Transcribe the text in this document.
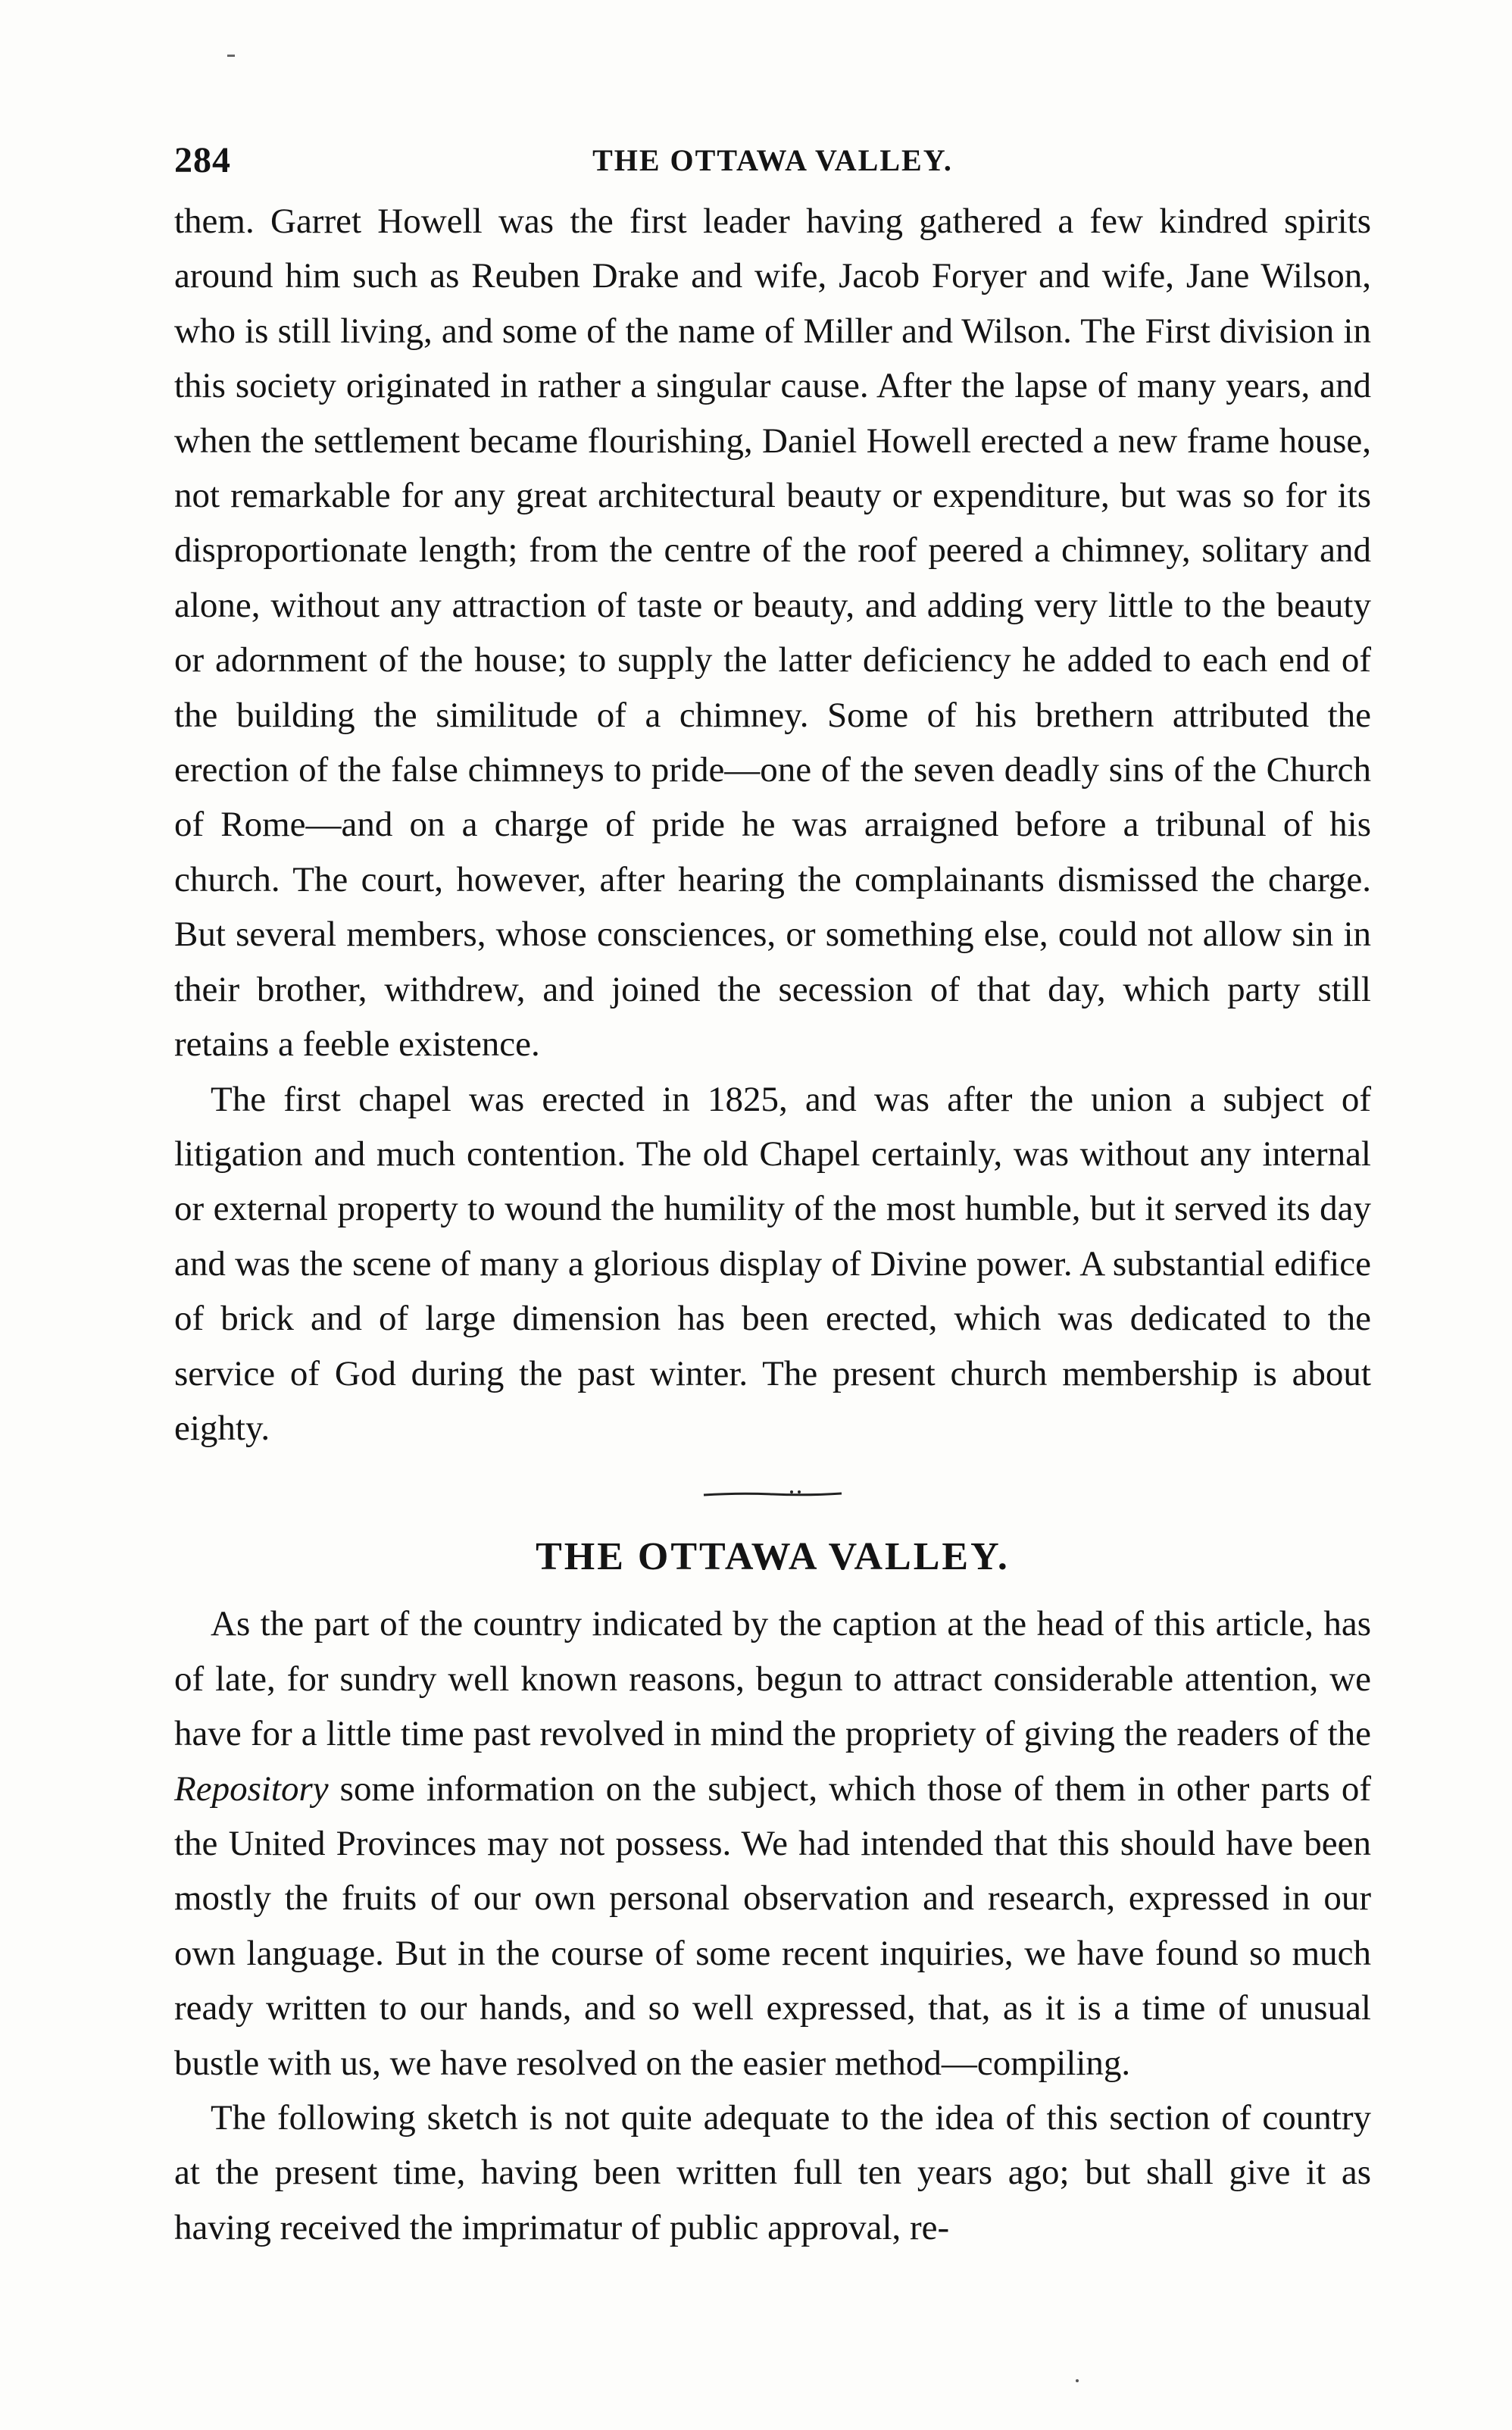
284	THE OTTAWA VALLEY.

them. Garret Howell was the first leader having gathered a few kindred spirits around him such as Reuben Drake and wife, Jacob Foryer and wife, Jane Wilson, who is still living, and some of the name of Miller and Wilson. The First division in this society originated in rather a singular cause. After the lapse of many years, and when the settlement became flourishing, Daniel Howell erected a new frame house, not remarkable for any great architectural beauty or expenditure, but was so for its disproportionate length; from the centre of the roof peered a chimney, solitary and alone, without any attraction of taste or beauty, and adding very little to the beauty or adornment of the house; to supply the latter deficiency he added to each end of the building the similitude of a chimney. Some of his brethern attributed the erection of the false chimneys to pride—one of the seven deadly sins of the Church of Rome—and on a charge of pride he was arraigned before a tribunal of his church. The court, however, after hearing the complainants dismissed the charge. But several members, whose consciences, or something else, could not allow sin in their brother, withdrew, and joined the secession of that day, which party still retains a feeble existence.

The first chapel was erected in 1825, and was after the union a subject of litigation and much contention. The old Chapel certainly, was without any internal or external property to wound the humility of the most humble, but it served its day and was the scene of many a glorious display of Divine power. A substantial edifice of brick and of large dimension has been erected, which was dedicated to the service of God during the past winter. The present church membership is about eighty.

THE OTTAWA VALLEY.

As the part of the country indicated by the caption at the head of this article, has of late, for sundry well known reasons, begun to attract considerable attention, we have for a little time past revolved in mind the propriety of giving the readers of the Repository some information on the subject, which those of them in other parts of the United Provinces may not possess. We had intended that this should have been mostly the fruits of our own personal observation and research, expressed in our own language. But in the course of some recent inquiries, we have found so much ready written to our hands, and so well expressed, that, as it is a time of unusual bustle with us, we have resolved on the easier method—compiling.

The following sketch is not quite adequate to the idea of this section of country at the present time, having been written full ten years ago; but shall give it as having received the imprimatur of public approval, re-
